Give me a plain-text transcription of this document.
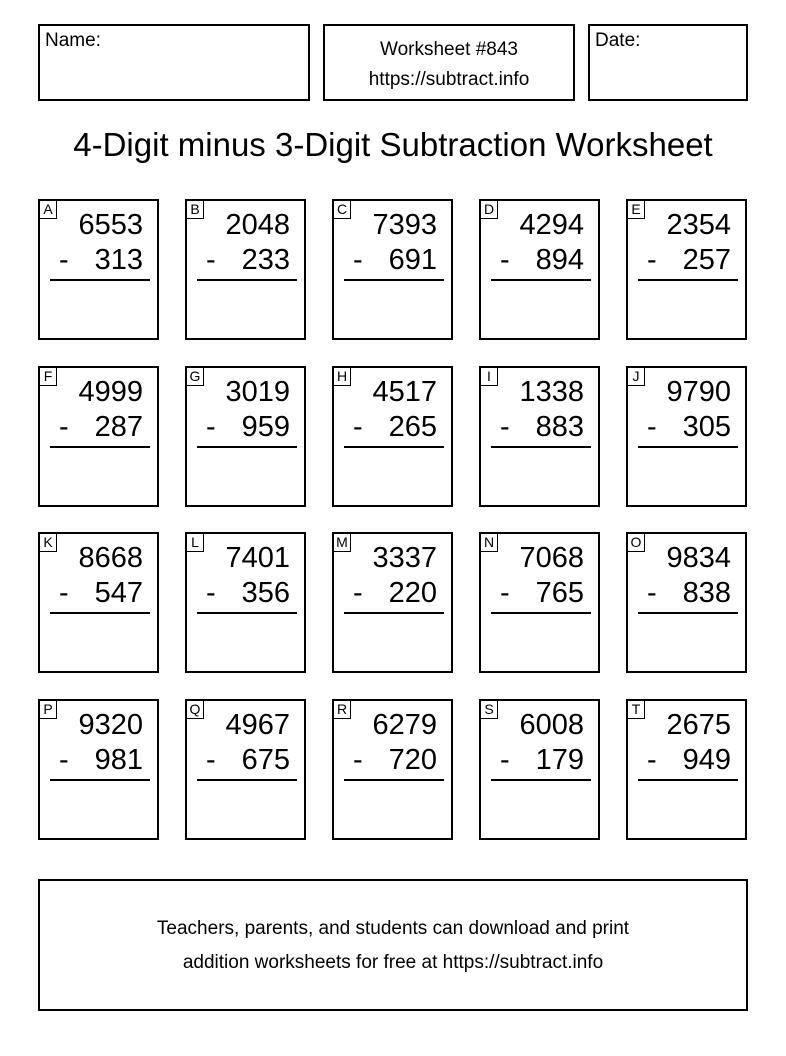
Name:	Worksheet #843
https://subtract.info
Date:
4-Digit minus 3-Digit Subtraction Worksheet
A 6553
- 313
B 2048
- 233
C 7393
- 691
D 4294
- 894
E 2354
- 257
F 4999
- 287
G 3019
- 959
H 4517
- 265
I 1338
- 883
J 9790
- 305
K 8668
- 547
L 7401
- 356
M 3337
- 220
N 7068
- 765
O 9834
- 838
P 9320
- 981
Q 4967
- 675
R 6279
- 720
S 6008
- 179
T 2675
- 949
Teachers, parents, and students can download and print
addition worksheets for free at https://subtract.info
